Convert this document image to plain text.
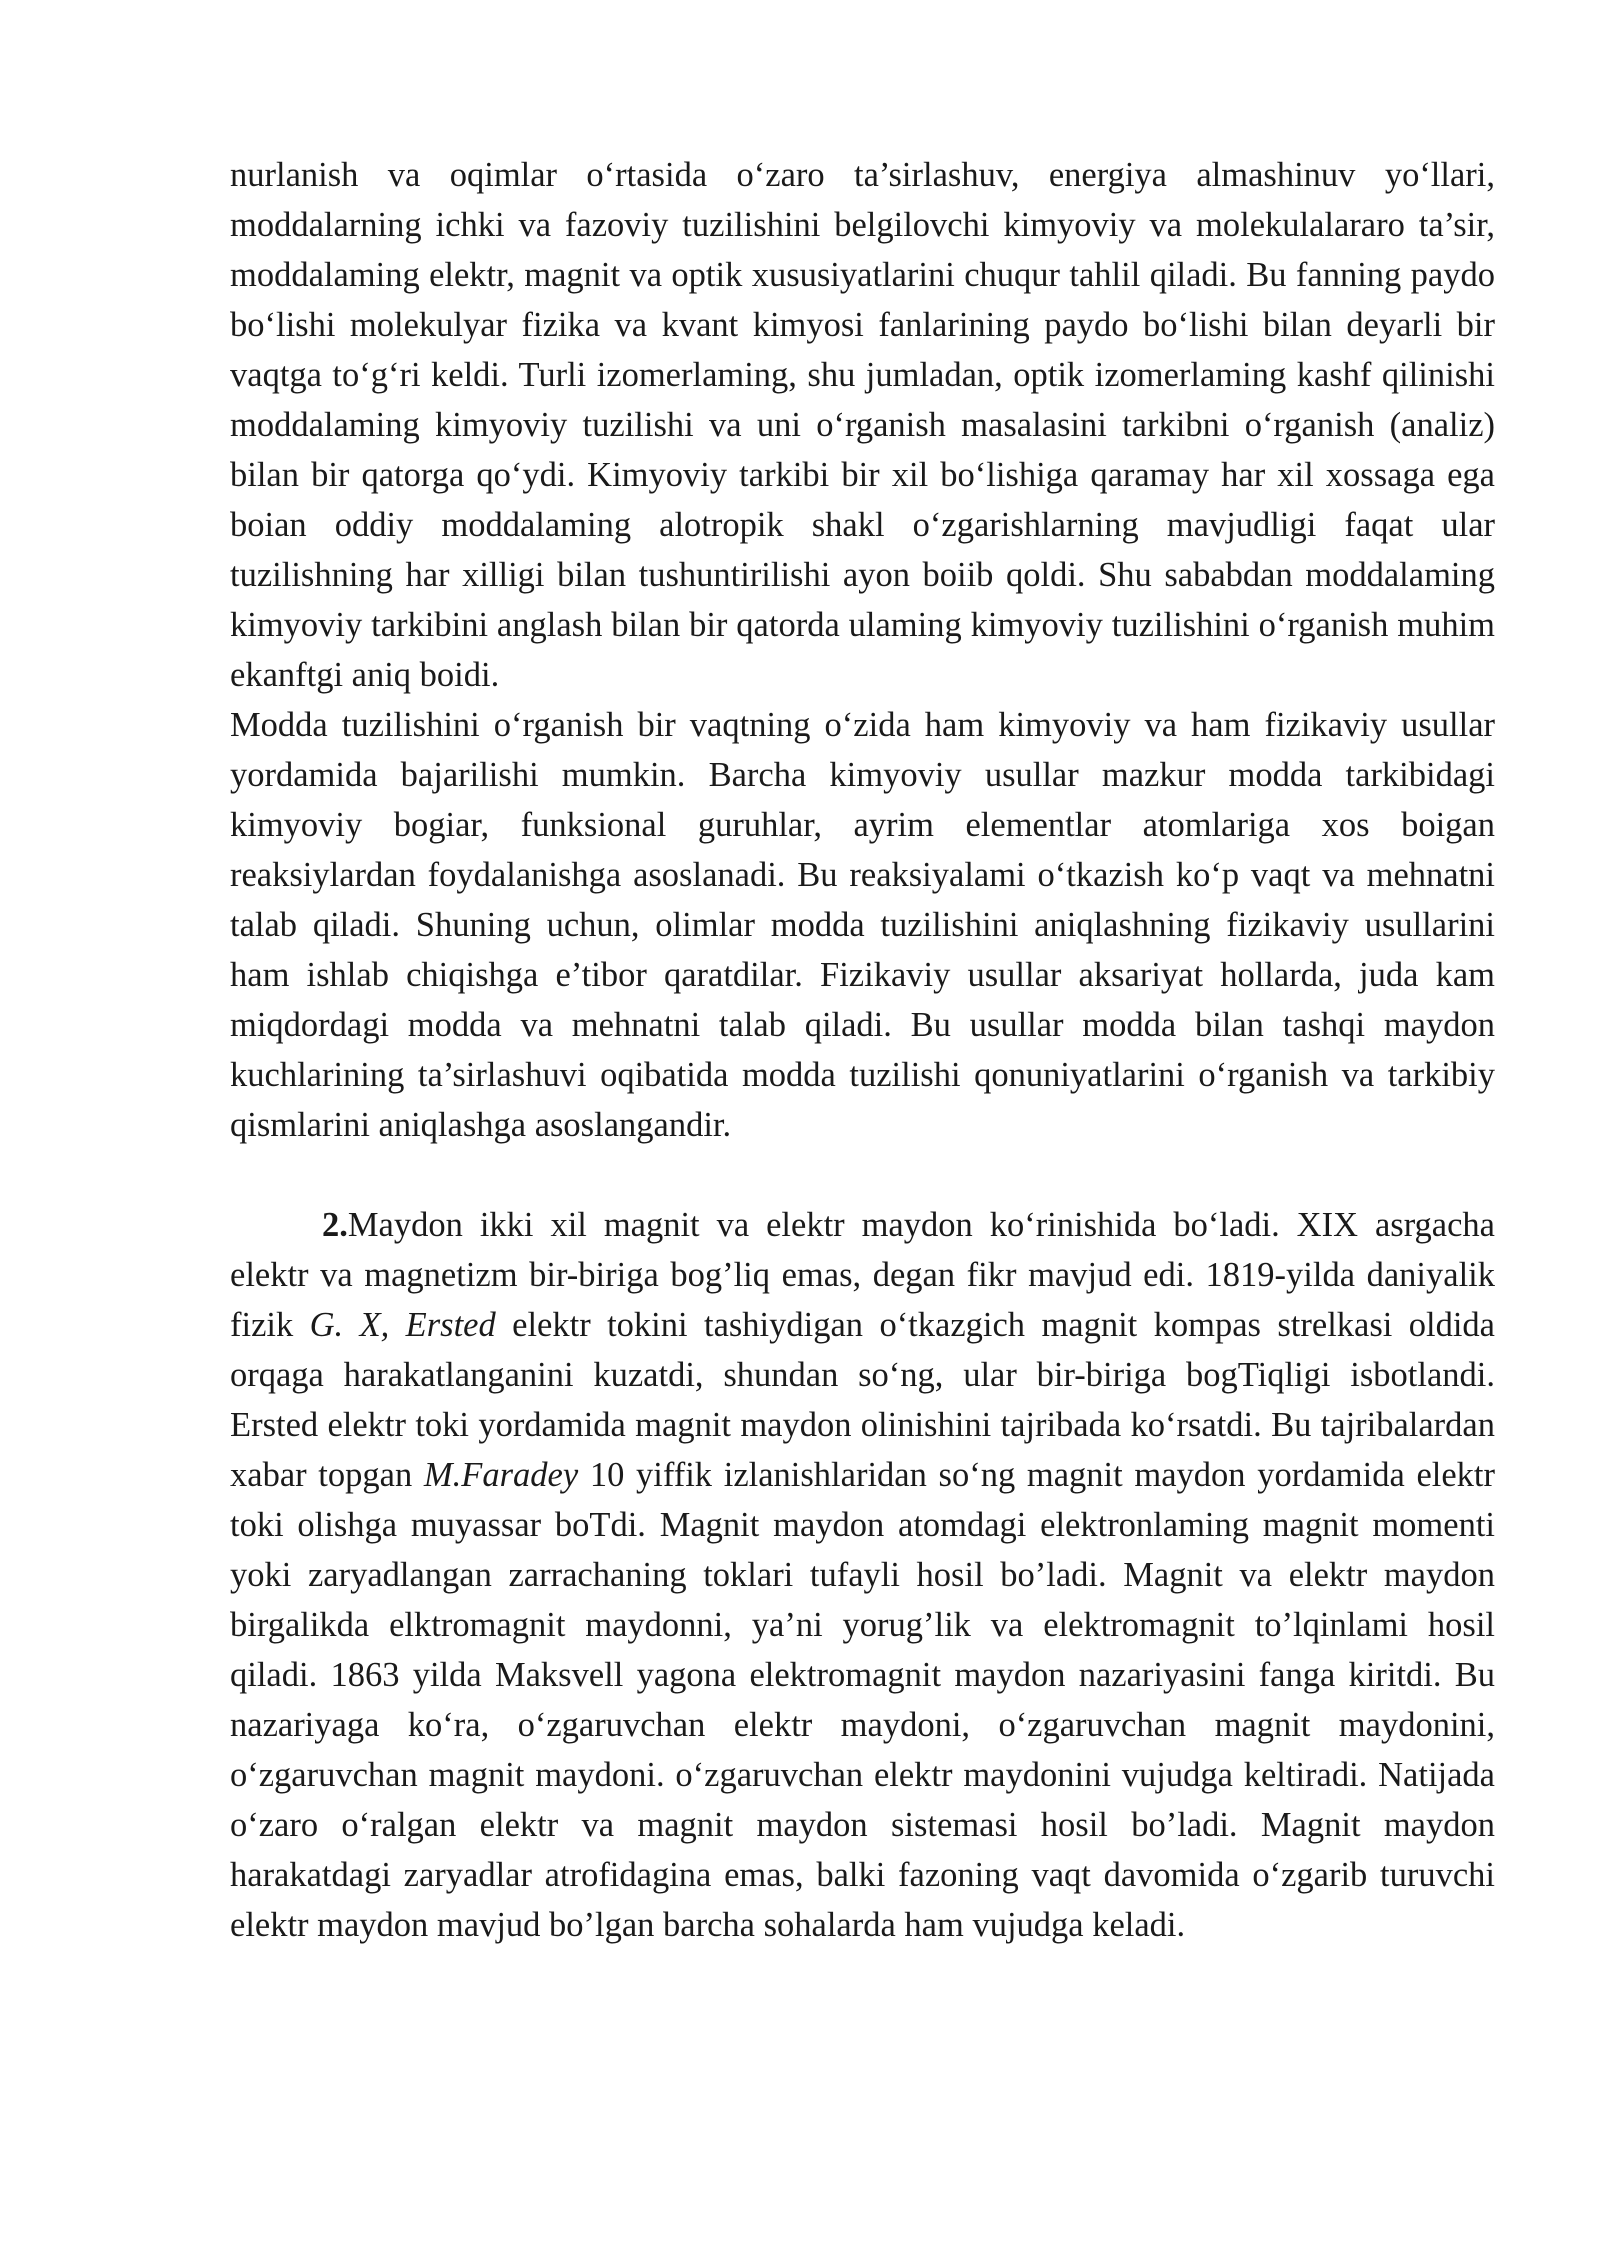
nurlanish va oqimlar o‘rtasida o‘zaro ta’sirlashuv, energiya almashinuv yo‘llari, moddalarning ichki va fazoviy tuzilishini belgilovchi kimyoviy va molekulalararo ta’sir, moddalaming elektr, magnit va optik xususiyatlarini chuqur tahlil qiladi. Bu fanning paydo bo‘lishi molekulyar fizika va kvant kimyosi fanlarining paydo bo‘lishi bilan deyarli bir vaqtga to‘g‘ri keldi. Turli izomerlaming, shu jumladan, optik izomerlaming kashf qilinishi moddalaming kimyoviy tuzilishi va uni o‘rganish masalasini tarkibni o‘rganish (analiz) bilan bir qatorga qo‘ydi. Kimyoviy tarkibi bir xil bo‘lishiga qaramay har xil xossaga ega boian oddiy moddalaming alotropik shakl o‘zgarishlarning mavjudligi faqat ular tuzilishning har xilligi bilan tushuntirilishi ayon boiib qoldi. Shu sababdan moddalaming kimyoviy tarkibini anglash bilan bir qatorda ulaming kimyoviy tuzilishini o‘rganish muhim ekanftgi aniq boidi.

Modda tuzilishini o‘rganish bir vaqtning o‘zida ham kimyoviy va ham fizikaviy usullar yordamida bajarilishi mumkin. Barcha kimyoviy usullar mazkur modda tarkibidagi kimyoviy bogiar, funksional guruhlar, ayrim elementlar atomlariga xos boigan reaksiylardan foydalanishga asoslanadi. Bu reaksiyalami o‘tkazish ko‘p vaqt va mehnatni talab qiladi. Shuning uchun, olimlar modda tuzilishini aniqlashning fizikaviy usullarini ham ishlab chiqishga e’tibor qaratdilar. Fizikaviy usullar aksariyat hollarda, juda kam miqdordagi modda va mehnatni talab qiladi. Bu usullar modda bilan tashqi maydon kuchlarining ta’sirlashuvi oqibatida modda tuzilishi qonuniyatlarini o‘rganish va tarkibiy qismlarini aniqlashga asoslangandir.

2.Maydon ikki xil magnit va elektr maydon ko‘rinishida bo‘ladi. XIX asrgacha elektr va magnetizm bir-biriga bog’liq emas, degan fikr mavjud edi. 1819-yilda daniyalik fizik G. X, Ersted elektr tokini tashiydigan o‘tkazgich magnit kompas strelkasi oldida orqaga harakatlanganini kuzatdi, shundan so‘ng, ular bir-biriga bogTiqligi isbotlandi. Ersted elektr toki yordamida magnit maydon olinishini tajribada ko‘rsatdi. Bu tajribalardan xabar topgan M.Faradey 10 yiffik izlanishlaridan so‘ng magnit maydon yordamida elektr toki olishga muyassar boTdi. Magnit maydon atomdagi elektronlaming magnit momenti yoki zaryadlangan zarrachaning toklari tufayli hosil bo’ladi. Magnit va elektr maydon birgalikda elktromagnit maydonni, ya’ni yorug’lik va elektromagnit to’lqinlami hosil qiladi. 1863 yilda Maksvell yagona elektromagnit maydon nazariyasini fanga kiritdi. Bu nazariyaga ko‘ra, o‘zgaruvchan elektr maydoni, o‘zgaruvchan magnit maydonini, o‘zgaruvchan magnit maydoni. o‘zgaruvchan elektr maydonini vujudga keltiradi. Natijada o‘zaro o‘ralgan elektr va magnit maydon sistemasi hosil bo’ladi. Magnit maydon harakatdagi zaryadlar atrofidagina emas, balki fazoning vaqt davomida o‘zgarib turuvchi elektr maydon mavjud bo’lgan barcha sohalarda ham vujudga keladi.
